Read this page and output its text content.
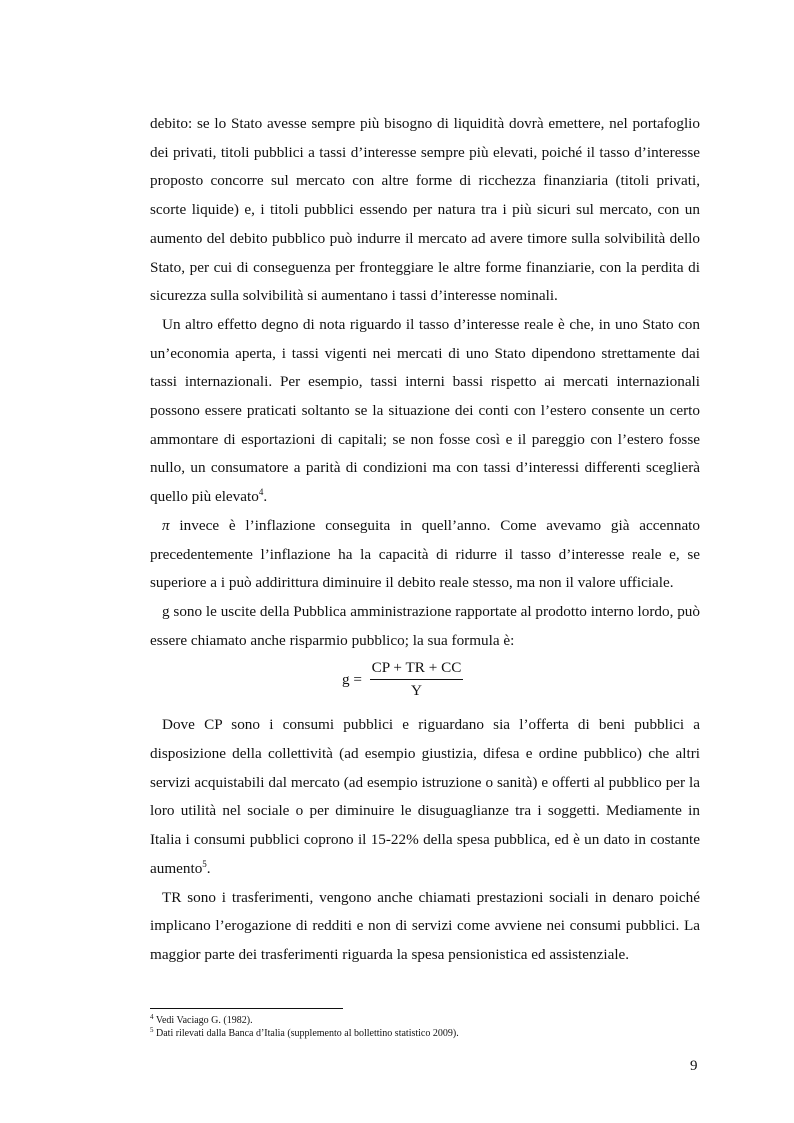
debito: se lo Stato avesse sempre più bisogno di liquidità dovrà emettere, nel portafoglio dei privati, titoli pubblici a tassi d’interesse sempre più elevati, poiché il tasso d’interesse proposto concorre sul mercato con altre forme di ricchezza finanziaria (titoli privati, scorte liquide) e, i titoli pubblici essendo per natura tra i più sicuri sul mercato, con un aumento del debito pubblico può indurre il mercato ad avere timore sulla solvibilità dello Stato, per cui di conseguenza per fronteggiare le altre forme finanziarie, con la perdita di sicurezza sulla solvibilità si aumentano i tassi d’interesse nominali.

Un altro effetto degno di nota riguardo il tasso d’interesse reale è che, in uno Stato con un’economia aperta, i tassi vigenti nei mercati di uno Stato dipendono strettamente dai tassi internazionali. Per esempio, tassi interni bassi rispetto ai mercati internazionali possono essere praticati soltanto se la situazione dei conti con l’estero consente un certo ammontare di esportazioni di capitali; se non fosse così e il pareggio con l’estero fosse nullo, un consumatore a parità di condizioni ma con tassi d’interessi differenti sceglierà quello più elevato$^4$.

π invece è l’inflazione conseguita in quell’anno. Come avevamo già accennato precedentemente l’inflazione ha la capacità di ridurre il tasso d’interesse reale e, se superiore a i può addirittura diminuire il debito reale stesso, ma non il valore ufficiale.

g sono le uscite della Pubblica amministrazione rapportate al prodotto interno lordo, può essere chiamato anche risparmio pubblico; la sua formula è:

$g = \frac{CP + TR + CC}{Y}$

Dove CP sono i consumi pubblici e riguardano sia l’offerta di beni pubblici a disposizione della collettività (ad esempio giustizia, difesa e ordine pubblico) che altri servizi acquistabili dal mercato (ad esempio istruzione o sanità) e offerti al pubblico per la loro utilità nel sociale o per diminuire le disuguaglianze tra i soggetti. Mediamente in Italia i consumi pubblici coprono il 15-22% della spesa pubblica, ed è un dato in costante aumento$^5$.

TR sono i trasferimenti, vengono anche chiamati prestazioni sociali in denaro poiché implicano l’erogazione di redditi e non di servizi come avviene nei consumi pubblici. La maggior parte dei trasferimenti riguarda la spesa pensionistica ed assistenziale.

$^4$ Vedi Vaciago G. (1982).
$^5$ Dati rilevati dalla Banca d’Italia (supplemento al bollettino statistico 2009).
9
